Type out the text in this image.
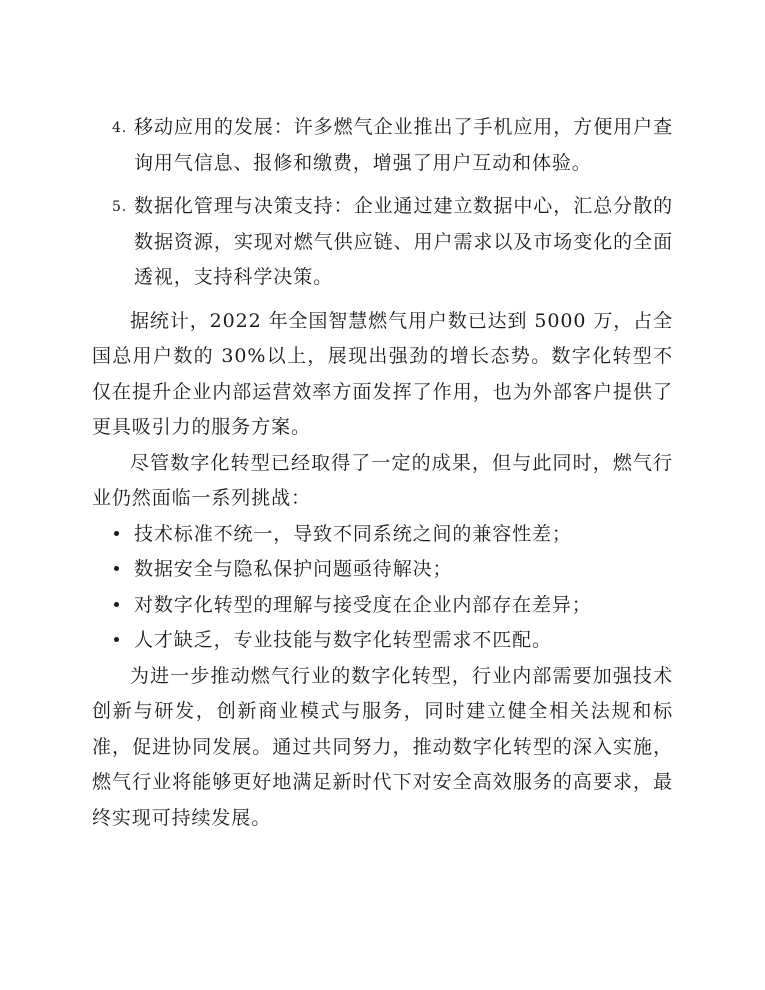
4. 移动应用的发展：许多燃气企业推出了手机应用，方便用户查询用气信息、报修和缴费，增强了用户互动和体验。
5. 数据化管理与决策支持：企业通过建立数据中心，汇总分散的数据资源，实现对燃气供应链、用户需求以及市场变化的全面透视，支持科学决策。

据统计，2022 年全国智慧燃气用户数已达到 5000 万，占全国总用户数的 30%以上，展现出强劲的增长态势。数字化转型不仅在提升企业内部运营效率方面发挥了作用，也为外部客户提供了更具吸引力的服务方案。

尽管数字化转型已经取得了一定的成果，但与此同时，燃气行业仍然面临一系列挑战：

技术标准不统一，导致不同系统之间的兼容性差；
数据安全与隐私保护问题亟待解决；
对数字化转型的理解与接受度在企业内部存在差异；
人才缺乏，专业技能与数字化转型需求不匹配。

为进一步推动燃气行业的数字化转型，行业内部需要加强技术创新与研发，创新商业模式与服务，同时建立健全相关法规和标准，促进协同发展。通过共同努力，推动数字化转型的深入实施，燃气行业将能够更好地满足新时代下对安全高效服务的高要求，最终实现可持续发展。
